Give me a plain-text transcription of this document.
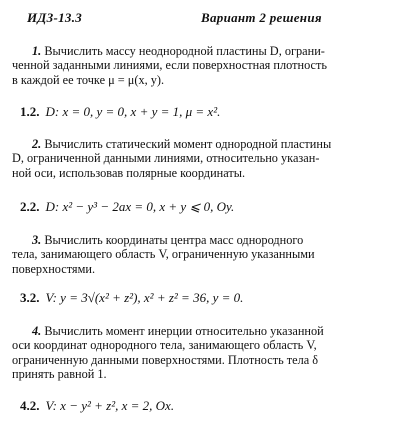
ИДЗ-13.3	Вариант 2 решения
1. Вычислить массу неоднородной пластины D, ограни-
ченной заданными линиями, если поверхностная плотность
в каждой ее точке μ = μ(x, y).
1.2. D: x = 0, y = 0, x + y = 1, μ = x².
2. Вычислить статический момент однородной пластины
D, ограниченной данными линиями, относительно указан-
ной оси, использовав полярные координаты.
2.2. D: x² − y³ − 2ax = 0, x + y ⩽ 0, Oy.
3. Вычислить координаты центра масс однородного
тела, занимающего область V, ограниченную указанными
поверхностями.
3.2. V: y = 3√(x² + z²), x² + z² = 36, y = 0.
4. Вычислить момент инерции относительно указанной
оси координат однородного тела, занимающего область V,
ограниченную данными поверхностями. Плотность тела δ
принять равной 1.
4.2. V: x − y² + z², x = 2, Ox.
